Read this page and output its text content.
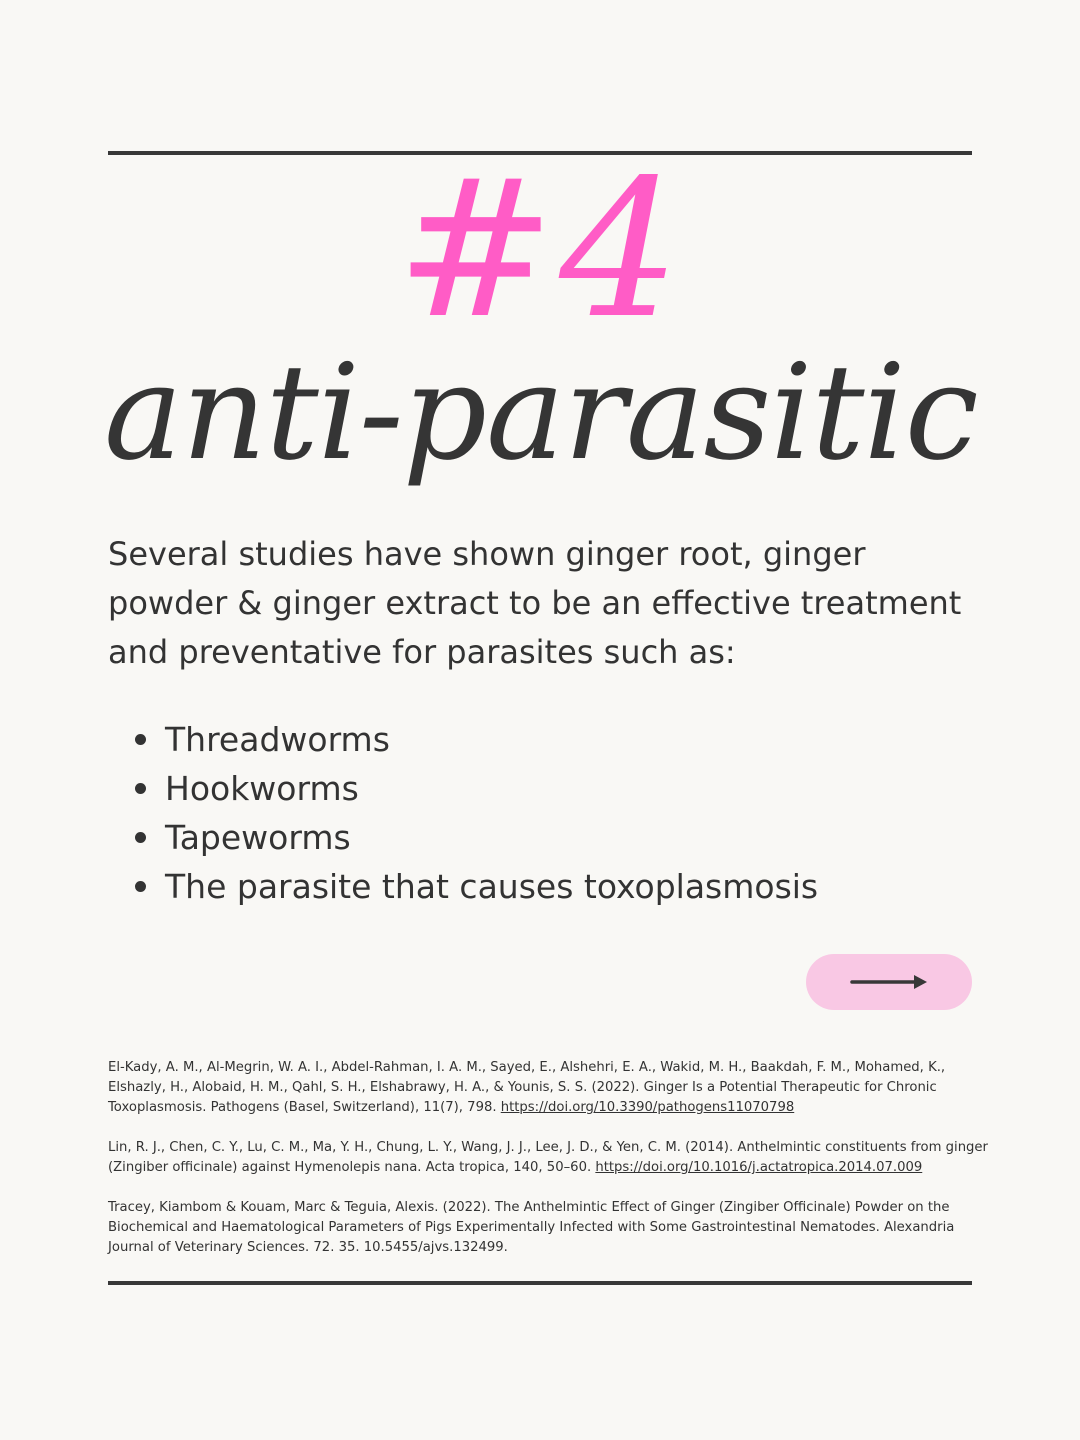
#4
anti-parasitic

Several studies have shown ginger root, ginger powder & ginger extract to be an effective treatment and preventative for parasites such as:

Threadworms
Hookworms
Tapeworms
The parasite that causes toxoplasmosis

El-Kady, A. M., Al-Megrin, W. A. I., Abdel-Rahman, I. A. M., Sayed, E., Alshehri, E. A., Wakid, M. H., Baakdah, F. M., Mohamed, K., Elshazly, H., Alobaid, H. M., Qahl, S. H., Elshabrawy, H. A., & Younis, S. S. (2022). Ginger Is a Potential Therapeutic for Chronic Toxoplasmosis. Pathogens (Basel, Switzerland), 11(7), 798. https://doi.org/10.3390/pathogens11070798

Lin, R. J., Chen, C. Y., Lu, C. M., Ma, Y. H., Chung, L. Y., Wang, J. J., Lee, J. D., & Yen, C. M. (2014). Anthelmintic constituents from ginger (Zingiber officinale) against Hymenolepis nana. Acta tropica, 140, 50–60. https://doi.org/10.1016/j.actatropica.2014.07.009

Tracey, Kiambom & Kouam, Marc & Teguia, Alexis. (2022). The Anthelmintic Effect of Ginger (Zingiber Officinale) Powder on the Biochemical and Haematological Parameters of Pigs Experimentally Infected with Some Gastrointestinal Nematodes. Alexandria Journal of Veterinary Sciences. 72. 35. 10.5455/ajvs.132499.
